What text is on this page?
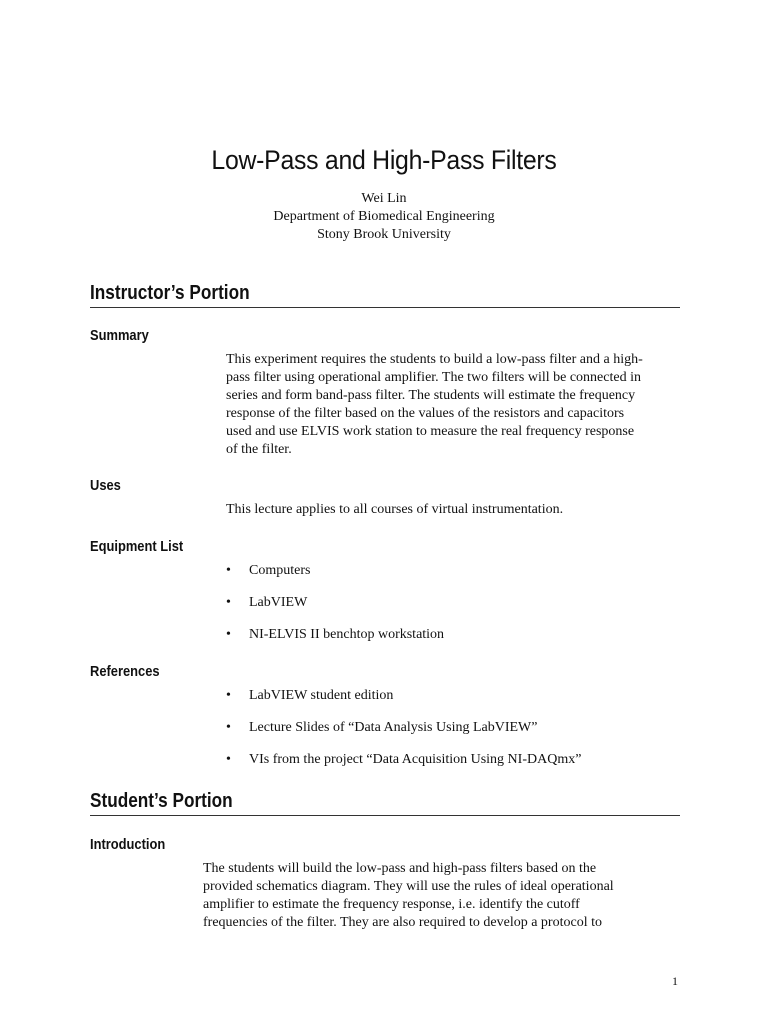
Low-Pass and High-Pass Filters
Wei Lin
Department of Biomedical Engineering
Stony Brook University
Instructor’s Portion
Summary
This experiment requires the students to build a low-pass filter and a high-
pass filter using operational amplifier. The two filters will be connected in
series and form band-pass filter. The students will estimate the frequency
response of the filter based on the values of the resistors and capacitors
used and use ELVIS work station to measure the real frequency response
of the filter.
Uses
This lecture applies to all courses of virtual instrumentation.
Equipment List
• Computers
• LabVIEW
• NI-ELVIS II benchtop workstation
References
• LabVIEW student edition
• Lecture Slides of “Data Analysis Using LabVIEW”
• VIs from the project “Data Acquisition Using NI-DAQmx”
Student’s Portion
Introduction
The students will build the low-pass and high-pass filters based on the
provided schematics diagram. They will use the rules of ideal operational
amplifier to estimate the frequency response, i.e. identify the cutoff
frequencies of the filter. They are also required to develop a protocol to
1
